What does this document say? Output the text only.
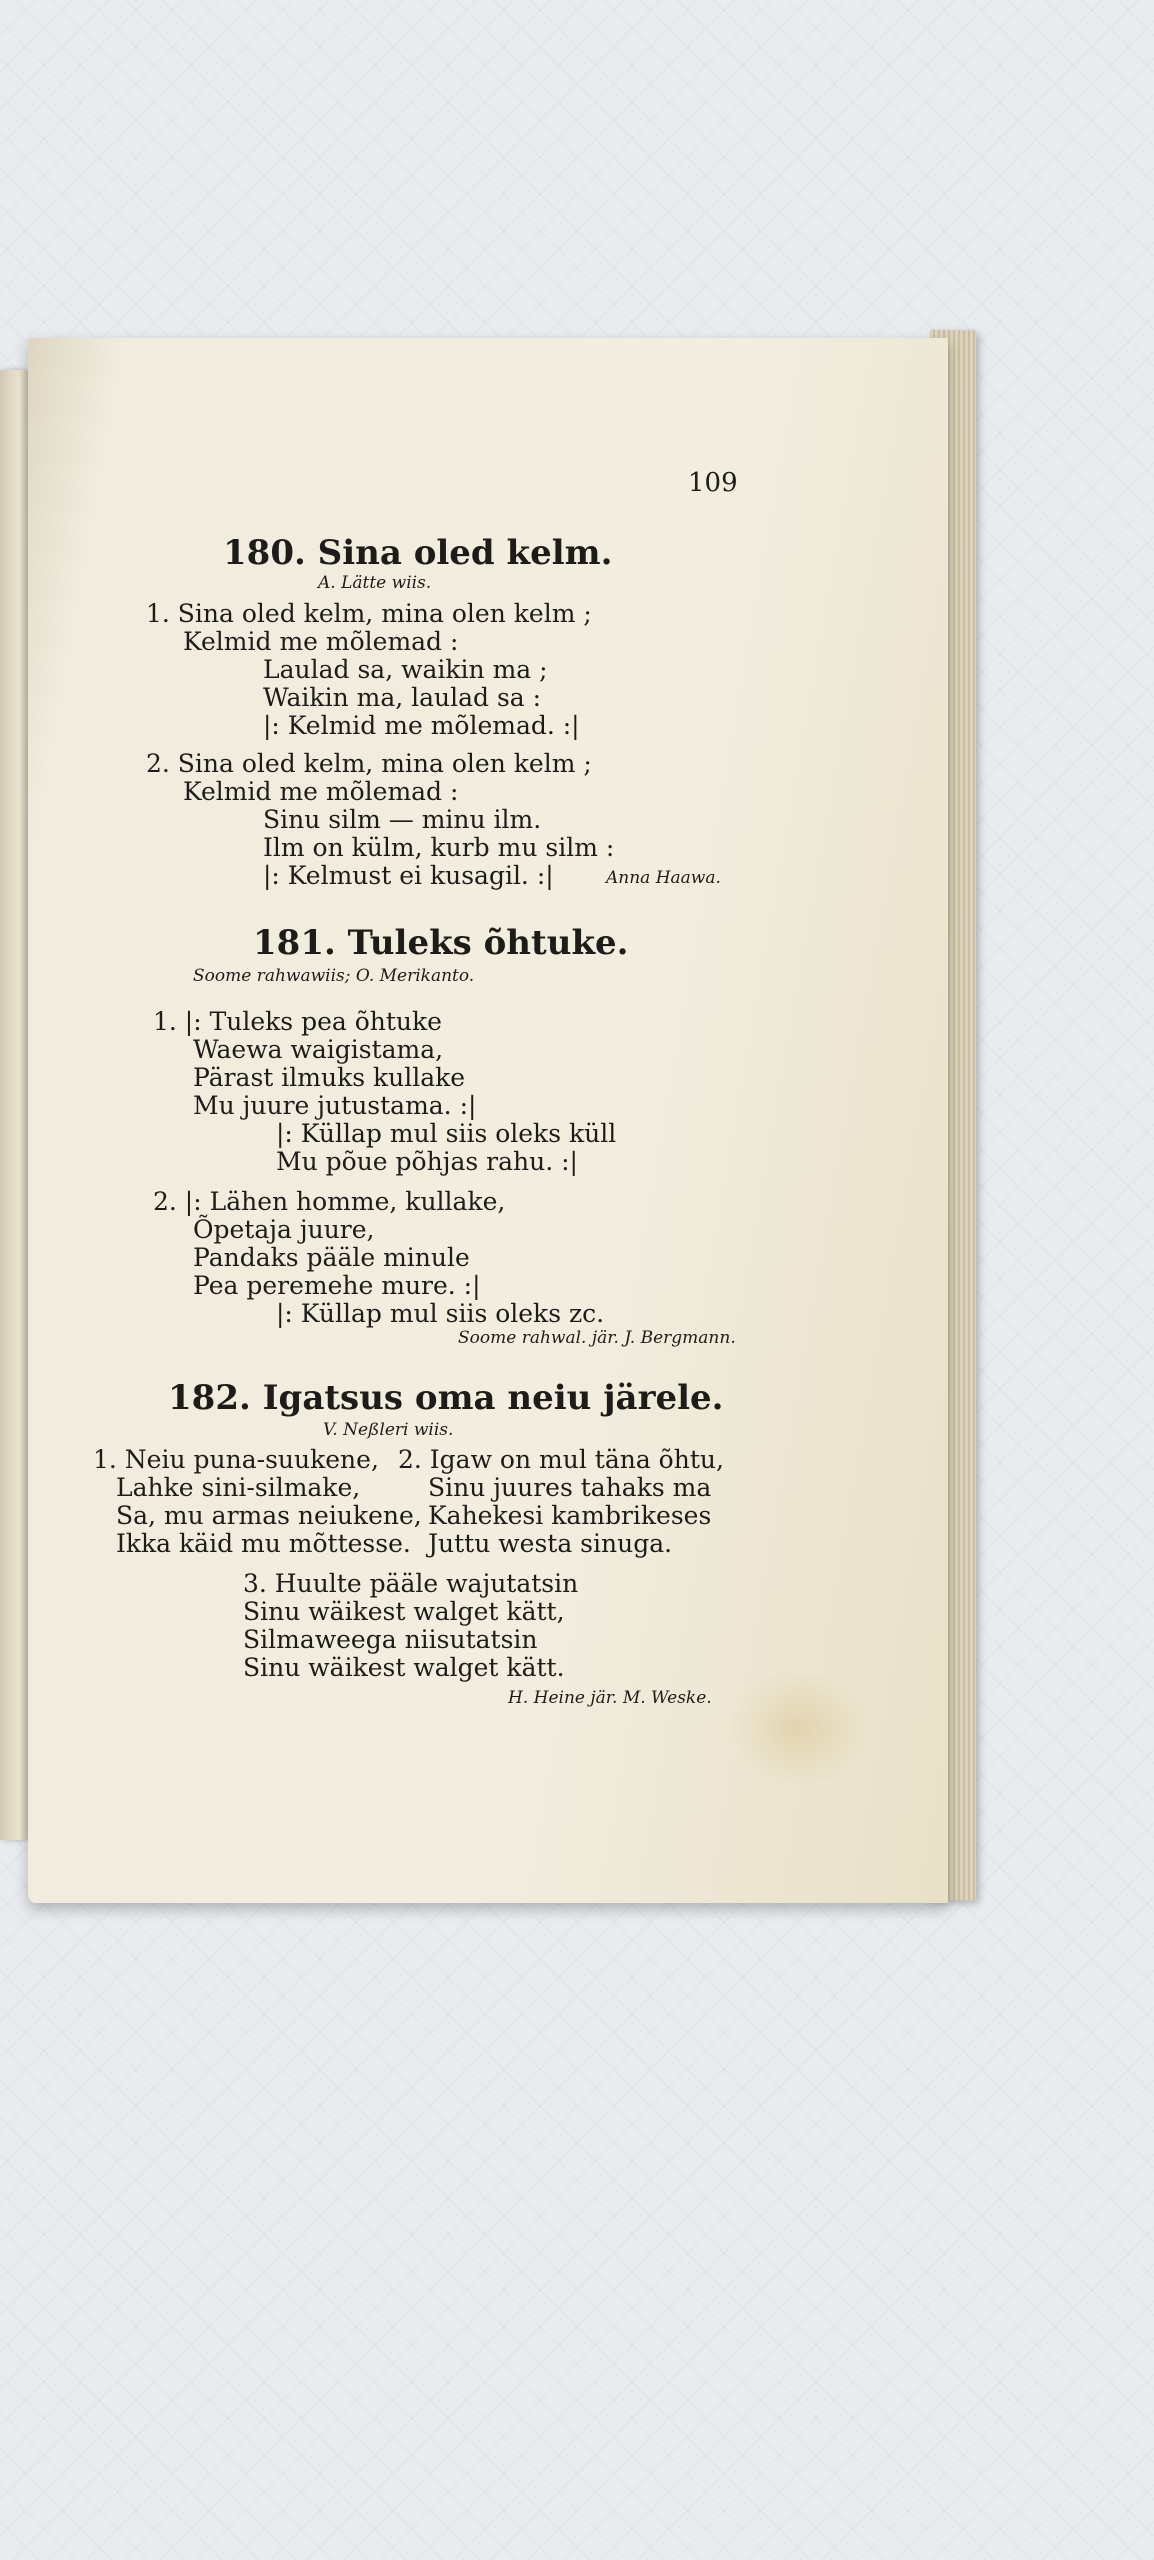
109
180. Sina oled kelm.
A. Lätte wiis.
1. Sina oled kelm, mina olen kelm ;
Kelmid me mõlemad :
Laulad sa, waikin ma ;
Waikin ma, laulad sa :
|: Kelmid me mõlemad. :|
2. Sina oled kelm, mina olen kelm ;
Kelmid me mõlemad :
Sinu silm — minu ilm.
Ilm on külm, kurb mu silm :
|: Kelmust ei kusagil. :|	Anna Haawa.
181. Tuleks õhtuke.
Soome rahwawiis; O. Merikanto.
1. |: Tuleks pea õhtuke
Waewa waigistama,
Pärast ilmuks kullake
Mu juure jutustama. :|
|: Küllap mul siis oleks küll
Mu põue põhjas rahu. :|
2. |: Lähen homme, kullake,
Õpetaja juure,
Pandaks pääle minule
Pea peremehe mure. :|
|: Küllap mul siis oleks zc.
Soome rahwal. jär. J. Bergmann.
182. Igatsus oma neiu järele.
V. Neßleri wiis.
1. Neiu puna-suukene,
Lahke sini-silmake,
Sa, mu armas neiukene,
Ikka käid mu mõttesse.
2. Igaw on mul täna õhtu,
Sinu juures tahaks ma
Kahekesi kambrikeses
Juttu westa sinuga.
3. Huulte pääle wajutatsin
Sinu wäikest walget kätt,
Silmaweega niisutatsin
Sinu wäikest walget kätt.
H. Heine jär. M. Weske.
